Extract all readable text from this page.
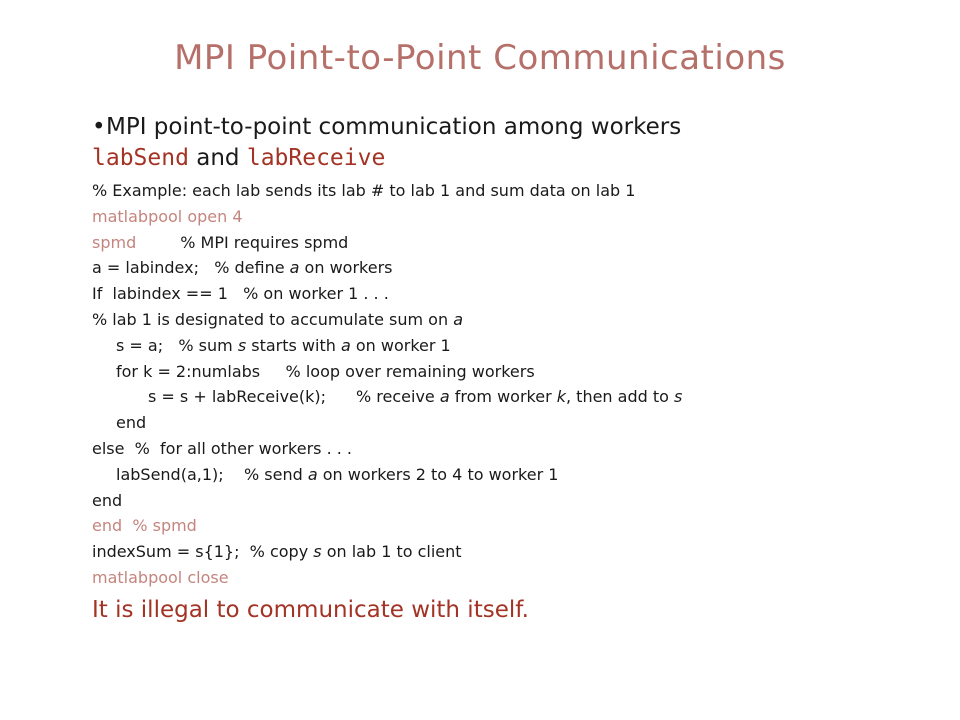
MPI Point-to-Point Communications
•MPI point-to-point communication among workers
labSend and labReceive
% Example: each lab sends its lab # to lab 1 and sum data on lab 1
matlabpool open 4
spmd	% MPI requires spmd
a = labindex; % define a on workers
If  labindex == 1 % on worker 1 . . .
% lab 1 is designated to accumulate sum on a
s = a; % sum s starts with a on worker 1
for k = 2:numlabs % loop over remaining workers
s = s + labReceive(k); % receive a from worker k, then add to s
end
else %  for all other workers . . .
labSend(a,1); % send a on workers 2 to 4 to worker 1
end
end % spmd
indexSum = s{1}; % copy s on lab 1 to client
matlabpool close
It is illegal to communicate with itself.
